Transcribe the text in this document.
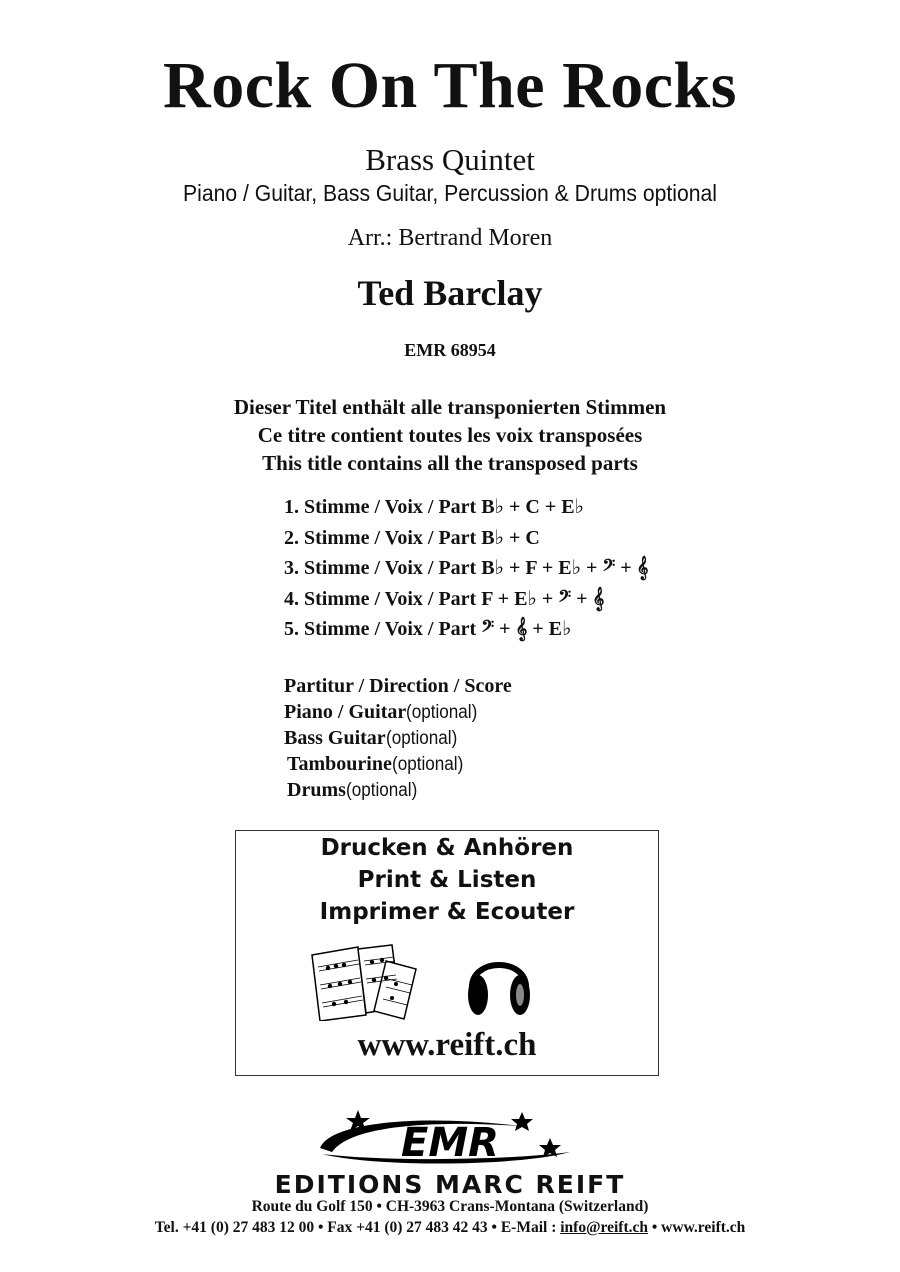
Rock On The Rocks
Brass Quintet
Piano / Guitar, Bass Guitar, Percussion & Drums optional
Arr.: Bertrand Moren
Ted Barclay
EMR 68954
Dieser Titel enthält alle transponierten Stimmen
Ce titre contient toutes les voix transposées
This title contains all the transposed parts
1. Stimme / Voix / Part B♭ + C + E♭
2. Stimme / Voix / Part B♭ + C
3. Stimme / Voix / Part B♭ + F + E♭ + 𝄢 + 𝄞
4. Stimme / Voix / Part F + E♭ + 𝄢 + 𝄞
5. Stimme / Voix / Part 𝄢 + 𝄞 + E♭
Partitur / Direction / Score
Piano / Guitar(optional)
Bass Guitar(optional)
Tambourine(optional)
Drums(optional)
Drucken & Anhören
Print & Listen
Imprimer & Ecouter
www.reift.ch
EMR
EDITIONS MARC REIFT
Route du Golf 150 • CH-3963 Crans-Montana (Switzerland)
Tel. +41 (0) 27 483 12 00 • Fax +41 (0) 27 483 42 43 • E-Mail : info@reift.ch • www.reift.ch
